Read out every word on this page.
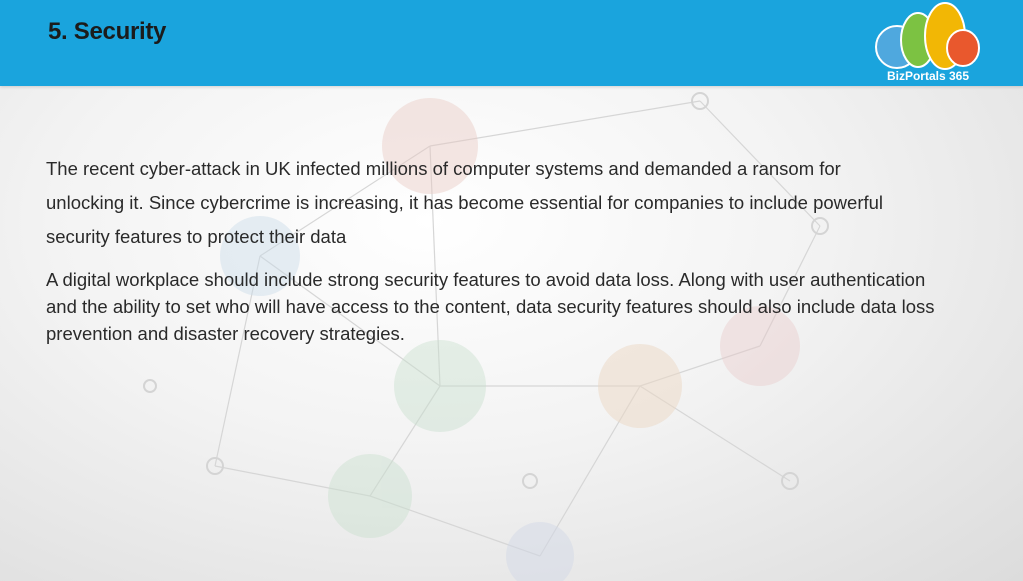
5. Security
BizPortals 365

The recent cyber-attack in UK infected millions of computer systems and demanded a ransom for unlocking it. Since cybercrime is increasing, it has become essential for companies to include powerful security features to protect their data

A digital workplace should include strong security features to avoid data loss. Along with user authentication and the ability to set who will have access to the content, data security features should also include data loss prevention and disaster recovery strategies.
